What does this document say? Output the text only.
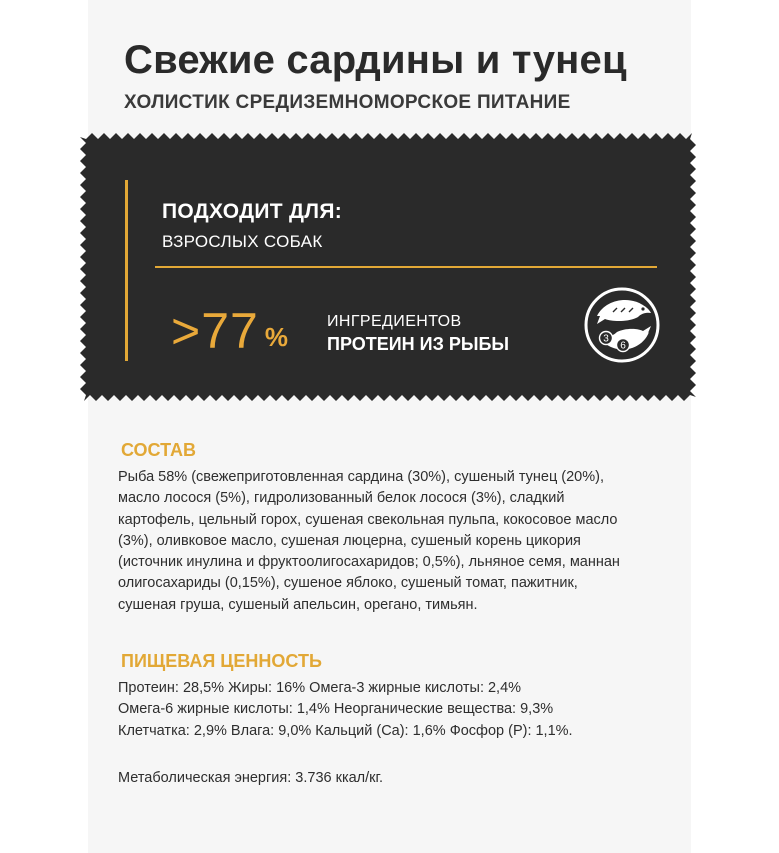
Свежие сардины и тунец
ХОЛИСТИК СРЕДИЗЕМНОМОРСКОЕ ПИТАНИЕ
ПОДХОДИТ ДЛЯ:
ВЗРОСЛЫХ СОБАК
>77 %
ИНГРЕДИЕНТОВ
ПРОТЕИН ИЗ РЫБЫ	3
6
СОСТАВ
Рыба 58% (свежеприготовленная сардина (30%), сушеный тунец (20%),
масло лосося (5%), гидролизованный белок лосося (3%), сладкий
картофель, цельный горох, сушеная свекольная пульпа, кокосовое масло
(3%), оливковое масло, сушеная люцерна, сушеный корень цикория
(источник инулина и фруктоолигосахаридов; 0,5%), льняное семя, маннан
олигосахариды (0,15%), сушеное яблоко, сушеный томат, пажитник,
сушеная груша, сушеный апельсин, орегано, тимьян.
ПИЩЕВАЯ ЦЕННОСТЬ
Протеин: 28,5% Жиры: 16% Омега-3 жирные кислоты: 2,4%
Омега-6 жирные кислоты: 1,4% Неорганические вещества: 9,3%
Клетчатка: 2,9% Влага: 9,0% Кальций (Ca): 1,6% Фосфор (P): 1,1%.
Метаболическая энергия: 3.736 ккал/кг.
